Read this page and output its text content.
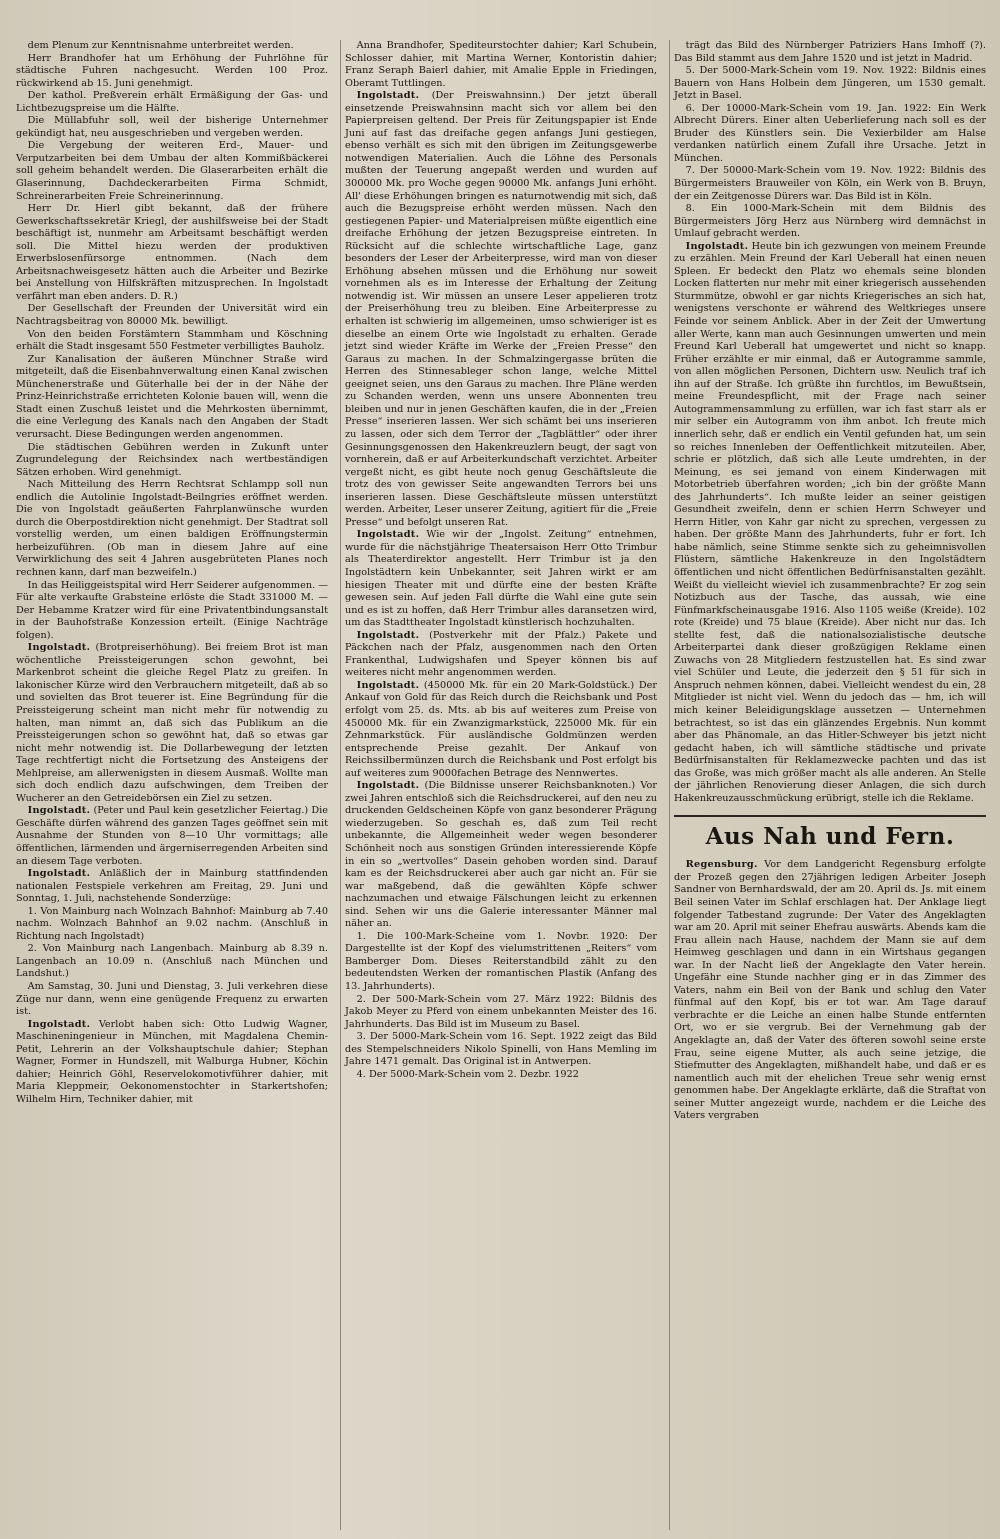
dem Plenum zur Kenntnisnahme unterbreitet werden.

Herr Brandhofer hat um Erhöhung der Fuhrlöhne für städtische Fuhren nachgesucht. Werden 100 Proz. rückwirkend ab 15. Juni genehmigt.

Der kathol. Preßverein erhält Ermäßigung der Gas- und Lichtbezugspreise um die Hälfte.

Die Müllabfuhr soll, weil der bisherige Unternehmer gekündigt hat, neu ausgeschrieben und vergeben werden.

Die Vergebung der weiteren Erd-, Mauer- und Verputzarbeiten bei dem Umbau der alten Kommißbäckerei soll geheim behandelt werden. Die Glaserarbeiten erhält die Glaserinnung, Dachdeckerarbeiten Firma Schmidt, Schreinerarbeiten Freie Schreinerinnung.

Herr Dr. Hierl gibt bekannt, daß der frühere Gewerkschaftssekretär Kriegl, der aushilfsweise bei der Stadt beschäftigt ist, nunmehr am Arbeitsamt beschäftigt werden soll. Die Mittel hiezu werden der produktiven Erwerbslosenfürsorge entnommen. (Nach dem Arbeitsnachweisgesetz hätten auch die Arbeiter und Bezirke bei Anstellung von Hilfskräften mitzusprechen. In Ingolstadt verfährt man eben anders. D. R.)

Der Gesellschaft der Freunden der Universität wird ein Nachtragsbeitrag von 80000 Mk. bewilligt.

Von den beiden Forstämtern Stammham und Köschning erhält die Stadt insgesamt 550 Festmeter verbilligtes Bauholz.

Zur Kanalisation der äußeren Münchner Straße wird mitgeteilt, daß die Eisenbahnverwaltung einen Kanal zwischen Münchenerstraße und Güterhalle bei der in der Nähe der Prinz-Heinrichstraße errichteten Kolonie bauen will, wenn die Stadt einen Zuschuß leistet und die Mehrkosten übernimmt, die eine Verlegung des Kanals nach den Angaben der Stadt verursacht. Diese Bedingungen werden angenommen.

Die städtischen Gebühren werden in Zukunft unter Zugrundelegung der Reichsindex nach wertbeständigen Sätzen erhoben. Wird genehmigt.

Nach Mitteilung des Herrn Rechtsrat Schlampp soll nun endlich die Autolinie Ingolstadt-Beilngries eröffnet werden. Die von Ingolstadt geäußerten Fahrplanwünsche wurden durch die Oberpostdirektion nicht genehmigt. Der Stadtrat soll vorstellig werden, um einen baldigen Eröffnungstermin herbeizuführen. (Ob man in diesem Jahre auf eine Verwirklichung des seit 4 Jahren ausgebrüteten Planes noch rechnen kann, darf man bezweifeln.)

In das Heiliggeistspital wird Herr Seiderer aufgenommen. — Für alte verkaufte Grabsteine erlöste die Stadt 331000 M. — Der Hebamme Kratzer wird für eine Privatentbindungsanstalt in der Bauhofstraße Konzession erteilt. (Einige Nachträge folgen).

Ingolstadt. (Brotpreiserhöhung). Bei freiem Brot ist man wöchentliche Preissteigerungen schon gewohnt, bei Markenbrot scheint die gleiche Regel Platz zu greifen. In lakonischer Kürze wird den Verbrauchern mitgeteilt, daß ab so und sovielten das Brot teuerer ist. Eine Begründung für die Preissteigerung scheint man nicht mehr für notwendig zu halten, man nimmt an, daß sich das Publikum an die Preissteigerungen schon so gewöhnt hat, daß so etwas gar nicht mehr notwendig ist. Die Dollarbewegung der letzten Tage rechtfertigt nicht die Fortsetzung des Ansteigens der Mehlpreise, am allerwenigsten in diesem Ausmaß. Wollte man sich doch endlich dazu aufschwingen, dem Treiben der Wucherer an den Getreidebörsen ein Ziel zu setzen.

Ingolstadt. (Peter und Paul kein gesetzlicher Feiertag.) Die Geschäfte dürfen während des ganzen Tages geöffnet sein mit Ausnahme der Stunden von 8—10 Uhr vormittags; alle öffentlichen, lärmenden und ärgerniserregenden Arbeiten sind an diesem Tage verboten.

Ingolstadt. Anläßlich der in Mainburg stattfindenden nationalen Festspiele verkehren am Freitag, 29. Juni und Sonntag, 1. Juli, nachstehende Sonderzüge:

1. Von Mainburg nach Wolnzach Bahnhof: Mainburg ab 7.40 nachm. Wolnzach Bahnhof an 9.02 nachm. (Anschluß in Richtung nach Ingolstadt)

2. Von Mainburg nach Langenbach. Mainburg ab 8.39 n. Langenbach an 10.09 n. (Anschluß nach München und Landshut.)

Am Samstag, 30. Juni und Dienstag, 3. Juli verkehren diese Züge nur dann, wenn eine genügende Frequenz zu erwarten ist.

Ingolstadt. Verlobt haben sich: Otto Ludwig Wagner, Maschineningenieur in München, mit Magdalena Chemin-Petit, Lehrerin an der Volkshauptschule dahier; Stephan Wagner, Former in Hundszell, mit Walburga Hubner, Köchin dahier; Heinrich Göhl, Reservelokomotivführer dahier, mit Maria Kleppmeir, Oekonomenstochter in Starkertshofen; Wilhelm Hirn, Techniker dahier, mit

Anna Brandhofer, Spediteurstochter dahier; Karl Schubein, Schlosser dahier, mit Martina Werner, Kontoristin dahier; Franz Seraph Baierl dahier, mit Amalie Epple in Friedingen, Oberamt Tuttlingen.

Ingolstadt. (Der Preiswahnsinn.) Der jetzt überall einsetzende Preiswahnsinn macht sich vor allem bei den Papierpreisen geltend. Der Preis für Zeitungspapier ist Ende Juni auf fast das dreifache gegen anfangs Juni gestiegen, ebenso verhält es sich mit den übrigen im Zeitungsgewerbe notwendigen Materialien. Auch die Löhne des Personals mußten der Teuerung angepaßt werden und wurden auf 300000 Mk. pro Woche gegen 90000 Mk. anfangs Juni erhöht. All' diese Erhöhungen bringen es naturnotwendig mit sich, daß auch die Bezugspreise erhöht werden müssen. Nach den gestiegenen Papier- und Materialpreisen müßte eigentlich eine dreifache Erhöhung der jetzen Bezugspreise eintreten. In Rücksicht auf die schlechte wirtschaftliche Lage, ganz besonders der Leser der Arbeiterpresse, wird man von dieser Erhöhung absehen müssen und die Erhöhung nur soweit vornehmen als es im Interesse der Erhaltung der Zeitung notwendig ist. Wir müssen an unsere Leser appelieren trotz der Preiserhöhung treu zu bleiben. Eine Arbeiterpresse zu erhalten ist schwierig im allgemeinen, umso schwieriger ist es dieselbe an einem Orte wie Ingolstadt zu erhalten. Gerade jetzt sind wieder Kräfte im Werke der „Freien Presse“ den Garaus zu machen. In der Schmalzingergasse brüten die Herren des Stinnesableger schon lange, welche Mittel geeignet seien, uns den Garaus zu machen. Ihre Pläne werden zu Schanden werden, wenn uns unsere Abonnenten treu bleiben und nur in jenen Geschäften kaufen, die in der „Freien Presse“ inserieren lassen. Wer sich schämt bei uns inserieren zu lassen, oder sich dem Terror der „Tagblättler“ oder ihrer Gesinnungsgenossen den Hakenkreuzlern beugt, der sagt von vornherein, daß er auf Arbeiterkundschaft verzichtet. Arbeiter vergeßt nicht, es gibt heute noch genug Geschäftsleute die trotz des von gewisser Seite angewandten Terrors bei uns inserieren lassen. Diese Geschäftsleute müssen unterstützt werden. Arbeiter, Leser unserer Zeitung, agitiert für die „Freie Presse“ und befolgt unseren Rat.

Ingolstadt. Wie wir der „Ingolst. Zeitung“ entnehmen, wurde für die nächstjährige Theatersaison Herr Otto Trimbur als Theaterdirektor angestellt. Herr Trimbur ist ja den Ingolstädtern kein Unbekannter, seit Jahren wirkt er am hiesigen Theater mit und dürfte eine der besten Kräfte gewesen sein. Auf jeden Fall dürfte die Wahl eine gute sein und es ist zu hoffen, daß Herr Trimbur alles daransetzen wird, um das Stadttheater Ingolstadt künstlerisch hochzuhalten.

Ingolstadt. (Postverkehr mit der Pfalz.) Pakete und Päckchen nach der Pfalz, ausgenommen nach den Orten Frankenthal, Ludwigshafen und Speyer können bis auf weiteres nicht mehr angenommen werden.

Ingolstadt. (450000 Mk. für ein 20 Mark-Goldstück.) Der Ankauf von Gold für das Reich durch die Reichsbank und Post erfolgt vom 25. ds. Mts. ab bis auf weiteres zum Preise von 450000 Mk. für ein Zwanzigmarkstück, 225000 Mk. für ein Zehnmarkstück. Für ausländische Goldmünzen werden entsprechende Preise gezahlt. Der Ankauf von Reichssilbermünzen durch die Reichsbank und Post erfolgt bis auf weiteres zum 9000fachen Betrage des Nennwertes.

Ingolstadt. (Die Bildnisse unserer Reichsbanknoten.) Vor zwei Jahren entschloß sich die Reichsdruckerei, auf den neu zu druckenden Geldscheinen Köpfe von ganz besonderer Prägung wiederzugeben. So geschah es, daß zum Teil recht unbekannte, die Allgemeinheit weder wegen besonderer Schönheit noch aus sonstigen Gründen interessierende Köpfe in ein so „wertvolles“ Dasein gehoben worden sind. Darauf kam es der Reichsdruckerei aber auch gar nicht an. Für sie war maßgebend, daß die gewählten Köpfe schwer nachzumachen und etwaige Fälschungen leicht zu erkennen sind. Sehen wir uns die Galerie interessanter Männer mal näher an.

1. Die 100-Mark-Scheine vom 1. Novbr. 1920: Der Dargestellte ist der Kopf des vielumstrittenen „Reiters“ vom Bamberger Dom. Dieses Reiterstandbild zählt zu den bedeutendsten Werken der romantischen Plastik (Anfang des 13. Jahrhunderts).

2. Der 500-Mark-Schein vom 27. März 1922: Bildnis des Jakob Meyer zu Pferd von einem unbekannten Meister des 16. Jahrhunderts. Das Bild ist im Museum zu Basel.

3. Der 5000-Mark-Schein vom 16. Sept. 1922 zeigt das Bild des Stempelschneiders Nikolo Spinelli, von Hans Memling im Jahre 1471 gemalt. Das Original ist in Antwerpen.

4. Der 5000-Mark-Schein vom 2. Dezbr. 1922

trägt das Bild des Nürnberger Patriziers Hans Imhoff (?). Das Bild stammt aus dem Jahre 1520 und ist jetzt in Madrid.

5. Der 5000-Mark-Schein vom 19. Nov. 1922: Bildnis eines Bauern von Hans Holbein dem Jüngeren, um 1530 gemalt. Jetzt in Basel.

6. Der 10000-Mark-Schein vom 19. Jan. 1922: Ein Werk Albrecht Dürers. Einer alten Ueberlieferung nach soll es der Bruder des Künstlers sein. Die Vexierbilder am Halse verdanken natürlich einem Zufall ihre Ursache. Jetzt in München.

7. Der 50000-Mark-Schein vom 19. Nov. 1922: Bildnis des Bürgermeisters Brauweiler von Köln, ein Werk von B. Bruyn, der ein Zeitgenosse Dürers war. Das Bild ist in Köln.

8. Ein 1000-Mark-Schein mit dem Bildnis des Bürgermeisters Jörg Herz aus Nürnberg wird demnächst in Umlauf gebracht werden.

Ingolstadt. Heute bin ich gezwungen von meinem Freunde zu erzählen. Mein Freund der Karl Ueberall hat einen neuen Spleen. Er bedeckt den Platz wo ehemals seine blonden Locken flatterten nur mehr mit einer kriegerisch aussehenden Sturmmütze, obwohl er gar nichts Kriegerisches an sich hat, wenigstens verschonte er während des Weltkrieges unsere Feinde vor seinem Anblick. Aber in der Zeit der Umwertung aller Werte, kann man auch Gesinnungen umwerten und mein Freund Karl Ueberall hat umgewertet und nicht so knapp. Früher erzählte er mir einmal, daß er Autogramme sammle, von allen möglichen Personen, Dichtern usw. Neulich traf ich ihn auf der Straße. Ich grüßte ihn furchtlos, im Bewußtsein, meine Freundespflicht, mit der Frage nach seiner Autogrammensammlung zu erfüllen, war ich fast starr als er mir selber ein Autogramm von ihm anbot. Ich freute mich innerlich sehr, daß er endlich ein Ventil gefunden hat, um sein so reiches Innenleben der Oeffentlichkeit mitzuteilen. Aber, schrie er plötzlich, daß sich alle Leute umdrehten, in der Meinung, es sei jemand von einem Kinderwagen mit Motorbetrieb überfahren worden; „ich bin der größte Mann des Jahrhunderts“. Ich mußte leider an seiner geistigen Gesundheit zweifeln, denn er schien Herrn Schweyer und Herrn Hitler, von Kahr gar nicht zu sprechen, vergessen zu haben. Der größte Mann des Jahrhunderts, fuhr er fort. Ich habe nämlich, seine Stimme senkte sich zu geheimnisvollen Flüstern, sämtliche Hakenkreuze in den Ingolstädtern öffentlichen und nicht öffentlichen Bedürfnisanstalten gezählt. Weißt du vielleicht wieviel ich zusammenbrachte? Er zog sein Notizbuch aus der Tasche, das aussah, wie eine Fünfmarkfscheinausgabe 1916. Also 1105 weiße (Kreide). 102 rote (Kreide) und 75 blaue (Kreide). Aber nicht nur das. Ich stellte fest, daß die nationalsozialistische deutsche Arbeiterpartei dank dieser großzügigen Reklame einen Zuwachs von 28 Mitgliedern festzustellen hat. Es sind zwar viel Schüler und Leute, die jederzeit den § 51 für sich in Anspruch nehmen können, dabei. Vielleicht wendest du ein, 28 Mitglieder ist nicht viel. Wenn du jedoch das — hm, ich will mich keiner Beleidigungsklage aussetzen — Unternehmen betrachtest, so ist das ein glänzendes Ergebnis. Nun kommt aber das Phänomale, an das Hitler-Schweyer bis jetzt nicht gedacht haben, ich will sämtliche städtische und private Bedürfnisanstalten für Reklamezwecke pachten und das ist das Große, was mich größer macht als alle anderen. An Stelle der jährlichen Renovierung dieser Anlagen, die sich durch Hakenkreuzausschmückung erübrigt, stelle ich die Reklame.

Aus Nah und Fern.

Regensburg. Vor dem Landgericht Regensburg erfolgte der Prozeß gegen den 27jährigen ledigen Arbeiter Joseph Sandner von Bernhardswald, der am 20. April ds. Js. mit einem Beil seinen Vater im Schlaf erschlagen hat. Der Anklage liegt folgender Tatbestand zugrunde: Der Vater des Angeklagten war am 20. April mit seiner Ehefrau auswärts. Abends kam die Frau allein nach Hause, nachdem der Mann sie auf dem Heimweg geschlagen und dann in ein Wirtshaus gegangen war. In der Nacht ließ der Angeklagte den Vater herein. Ungefähr eine Stunde nachher ging er in das Zimmer des Vaters, nahm ein Beil von der Bank und schlug den Vater fünfmal auf den Kopf, bis er tot war. Am Tage darauf verbrachte er die Leiche an einen halbe Stunde entfernten Ort, wo er sie vergrub. Bei der Vernehmung gab der Angeklagte an, daß der Vater des öfteren sowohl seine erste Frau, seine eigene Mutter, als auch seine jetzige, die Stiefmutter des Angeklagten, mißhandelt habe, und daß er es namentlich auch mit der ehelichen Treue sehr wenig ernst genommen habe. Der Angeklagte erklärte, daß die Straftat von seiner Mutter angezeigt wurde, nachdem er die Leiche des Vaters vergraben
